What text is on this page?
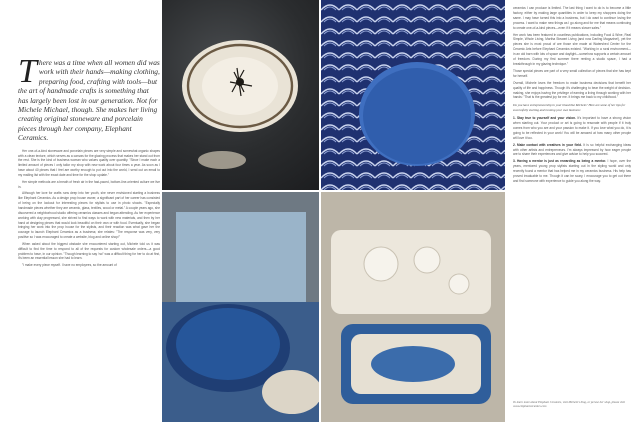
There was a time when all women did was work with their hands—making clothing, preparing food, crafting with tools—but the art of handmade crafts is something that has largely been lost in our generation. Not for Michele Michael, though. She makes her living creating original stoneware and porcelain pieces through her company, Elephant Ceramics.

Her one-of-a-kind stoneware and porcelain pieces are very simple and somewhat organic shapes with a clean texture, which serves as a canvas for the glazing process that makes her stand out from the rest. She is the kind of business woman who values quality over quantity. "Since I make each a limited amount of pieces I only tailor my shop with new work about four times a year. As soon as I have about 40 pieces that I feel are worthy enough to put out into the world, I send out an email to my mailing list with the exact date and time for the shop update."

Her simple methods are a breath of fresh air in the fast-paced, bottom-line-oriented culture we live in.

Although her love for crafts runs deep into her youth, she never envisioned starting a business like Elephant Ceramics. As a design prop house owner, a significant part of her career has consisted of being on the lookout for interesting pieces for stylists to use in photo shoots. "Especially handmade pieces whether they are ceramic, glass, textiles, wood or metal." A couple years ago, she discovered a neighborhood studio offering ceramics classes and began attending. As her experience working with clay progressed, she strived to find ways to work with new materials, and then by her hand at designing pieces that would look beautiful on their own or with food. Eventually, she began bringing her work into the prop house for the stylists, and their reaction was what gave her the courage to launch Elephant Ceramics as a business; she relates: "The response was very, very positive so I was encouraged to create a website, blog and online shop!"

When asked about the biggest obstacle she encountered starting out, Michele told us it was difficult to find the time to respond to all of the requests for custom wholesale orders—a good problem to have, in our opinion. "Though learning to say 'no!' was a difficult thing for her to do at first, it's been an essential lesson she had to learn.

"I make every piece myself. I have no employees, so the amount of

ceramics I can produce is limited. The last thing I want to do is to become a little factory, either by making large quantities in order to keep my shoppers doing the same. I may have turned this into a business, but I do want to continue loving the process. I want to make new things as I go along and for me that means continuing to create one-of-a-kind pieces—even if it means slower sales."

Her work has been featured in countless publications, including Food & Wine, Real Simple, Whole Living, Martha Stewart Living (and now Darling Magazine!), yet the pieces she is most proud of are those she made at Watershed Center for the Ceramic Arts before Elephant Ceramics existed. "Working in a rural environment—in an old barn with lots of space and daylight—somehow supports a certain amount of freedom. During my first summer there renting a studio space, I had a breakthrough in my glazing technique."

Those special pieces are part of a very small collection of pieces that she has kept for herself.

Overall, Michele loves the freedom to make business decisions that benefit her quality of life and happiness. Though it's challenging to bear the weight of decision-making, she enjoys having the privilege of earning a living through working with her hands: "That is the greatest joy for me. It brings me back to my childhood."

Do you have entrepreneurship in your blood like Michele? Here are some of her tips for successfully starting and running your own business:

1. Stay true to yourself and your vision. It's important to have a strong vision when starting out. Your product or art is going to resonate with people if it truly comes from who you are and your passion to make it. If you love what you do, it is going to be reflected in your work! You will be amazed at how many other people will love it too.

2. Make contact with creatives in your field. It is so helpful exchanging ideas with other artists and entrepreneurs. I'm always impressed by how eager people are to share their experiences and give advice to help you succeed.

3. Having a mentor is just as rewarding as being a mentor. I hope, over the years, mentored young prop stylists starting out in the styling world and only recently found a mentor that has helped me in my ceramics business. His help has proved invaluable to me. Though it can be scary, I encourage you to get out there and find someone with experience to guide you along the way.

To learn more about Elephant Ceramics, visit Michele's blog, or peruse her shop, please visit www.elephantceramics.com
